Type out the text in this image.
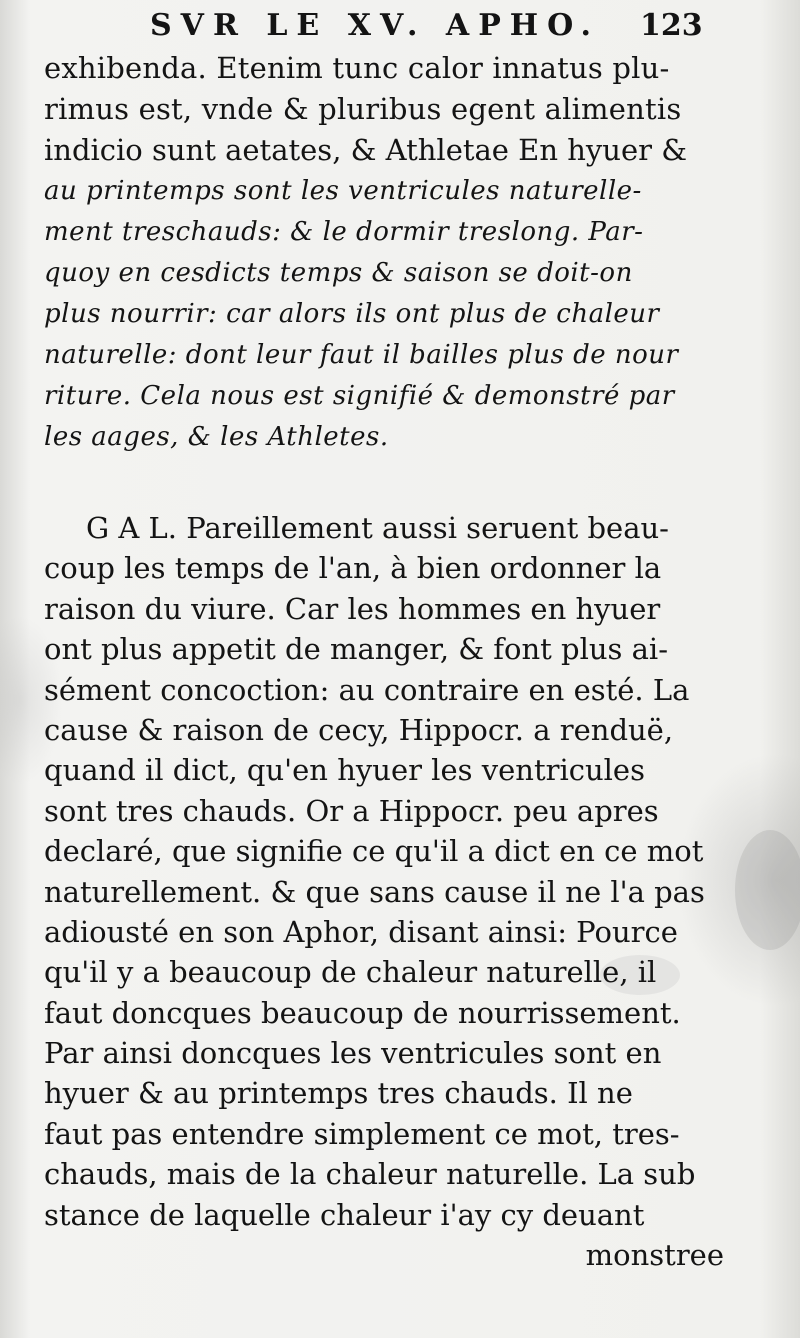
SVR LE XV. APHO. 123
exhibenda. Etenim tunc calor innatus plu-
rimus est, vnde & pluribus egent alimentis
indicio sunt aetates, & Athletae En hyuer &
au printemps sont les ventricules naturelle-
ment treschauds: & le dormir treslong. Par-
quoy en cesdicts temps & saison se doit-on
plus nourrir: car alors ils ont plus de chaleur
naturelle: dont leur faut il bailles plus de nour
riture. Cela nous est signifié & demonstré par
les aages, & les Athletes.
G A L. Pareillement aussi seruent beau-
coup les temps de l'an, à bien ordonner la
raison du viure. Car les hommes en hyuer
ont plus appetit de manger, & font plus ai-
sément concoction: au contraire en esté. La
cause & raison de cecy, Hippocr. a renduë,
quand il dict, qu'en hyuer les ventricules
sont tres chauds. Or a Hippocr. peu apres
declaré, que signifie ce qu'il a dict en ce mot
naturellement. & que sans cause il ne l'a pas
adiousté en son Aphor, disant ainsi: Pource
qu'il y a beaucoup de chaleur naturelle, il
faut doncques beaucoup de nourrissement.
Par ainsi doncques les ventricules sont en
hyuer & au printemps tres chauds. Il ne
faut pas entendre simplement ce mot, tres-
chauds, mais de la chaleur naturelle. La sub
stance de laquelle chaleur i'ay cy deuant
monstree
